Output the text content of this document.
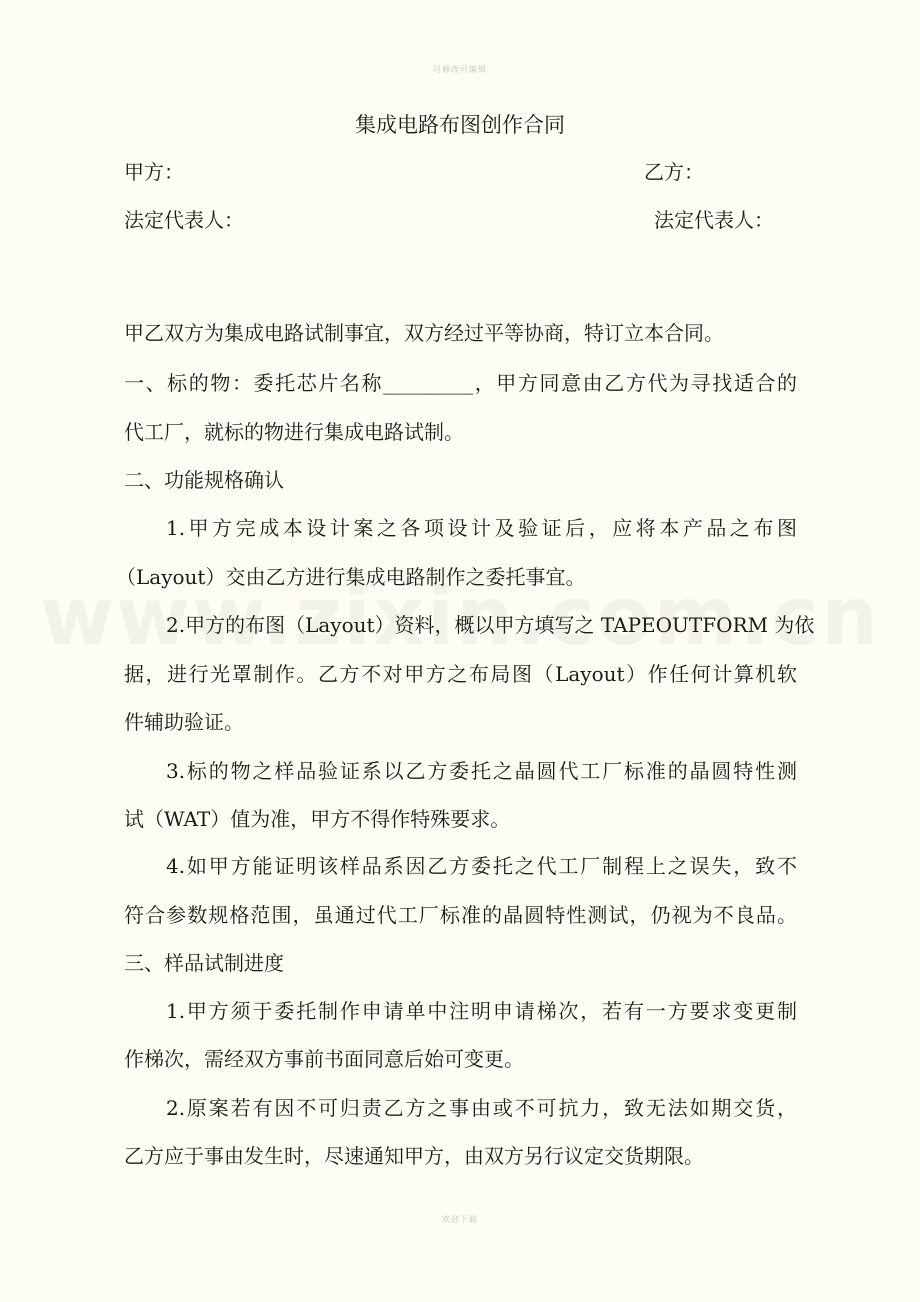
可修改可编辑
集成电路布图创作合同
甲方：	乙方：
法定代表人：	法定代表人：
甲乙双方为集成电路试制事宜，双方经过平等协商，特订立本合同。
一、标的物：委托芯片名称_________，甲方同意由乙方代为寻找适合的
代工厂，就标的物进行集成电路试制。
二、功能规格确认
1.甲方完成本设计案之各项设计及验证后，应将本产品之布图
（Layout）交由乙方进行集成电路制作之委托事宜。
2.甲方的布图（Layout）资料，概以甲方填写之 TAPEOUTFORM 为依
据，进行光罩制作。乙方不对甲方之布局图（Layout）作任何计算机软
件辅助验证。
3.标的物之样品验证系以乙方委托之晶圆代工厂标准的晶圆特性测
试（WAT）值为准，甲方不得作特殊要求。
4.如甲方能证明该样品系因乙方委托之代工厂制程上之误失，致不
符合参数规格范围，虽通过代工厂标准的晶圆特性测试，仍视为不良品。
三、样品试制进度
1.甲方须于委托制作申请单中注明申请梯次，若有一方要求变更制
作梯次，需经双方事前书面同意后始可变更。
2.原案若有因不可归责乙方之事由或不可抗力，致无法如期交货，
乙方应于事由发生时，尽速通知甲方，由双方另行议定交货期限。
欢迎下载
